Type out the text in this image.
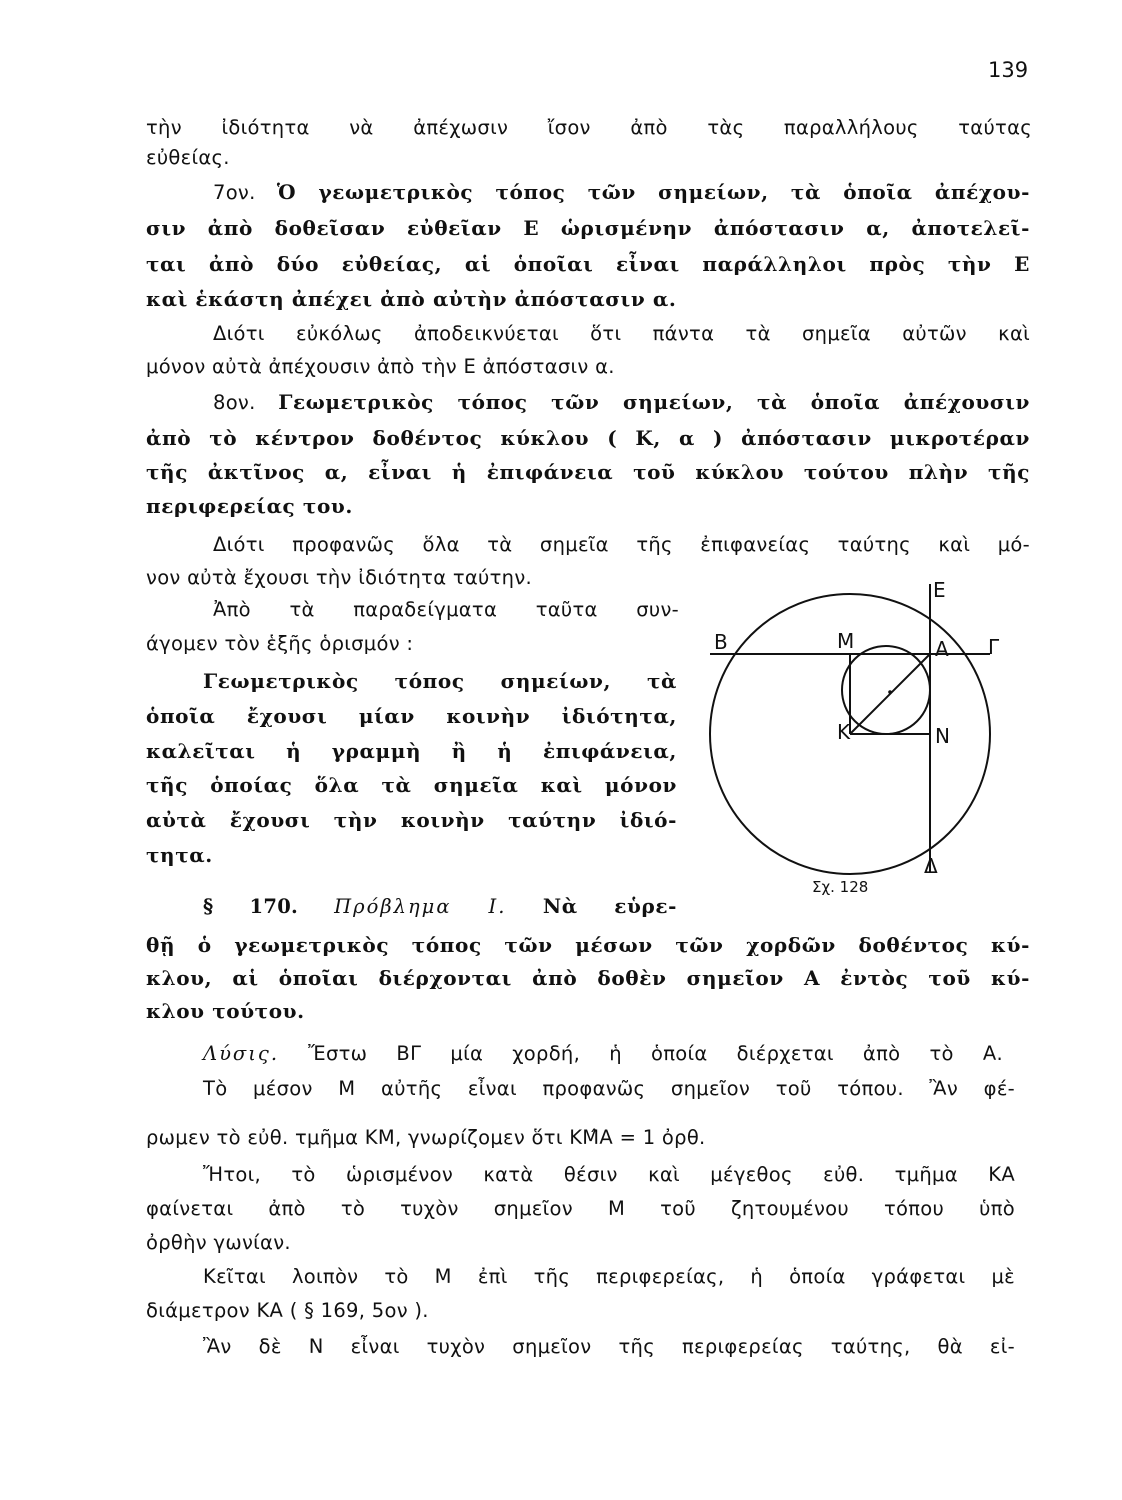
139
τὴν ἰδιότητα νὰ ἀπέχωσιν ἴσον ἀπὸ τὰς παραλλήλους ταύτας
εὐθείας.
7ον. Ὁ γεωμετρικὸς τόπος τῶν σημείων, τὰ ὁποῖα ἀπέχου-
σιν ἀπὸ δοθεῖσαν εὐθεῖαν Ε ὡρισμένην ἀπόστασιν α, ἀποτελεῖ-
ται ἀπὸ δύο εὐθείας, αἱ ὁποῖαι εἶναι παράλληλοι πρὸς τὴν Ε
καὶ ἑκάστη ἀπέχει ἀπὸ αὐτὴν ἀπόστασιν α.
Διότι εὐκόλως ἀποδεικνύεται ὅτι πάντα τὰ σημεῖα αὐτῶν καὶ
μόνον αὐτὰ ἀπέχουσιν ἀπὸ τὴν Ε ἀπόστασιν α.
8ον. Γεωμετρικὸς τόπος τῶν σημείων, τὰ ὁποῖα ἀπέχουσιν
ἀπὸ τὸ κέντρον δοθέντος κύκλου ( Κ, α ) ἀπόστασιν μικροτέραν
τῆς ἀκτῖνος α, εἶναι ἡ ἐπιφάνεια τοῦ κύκλου τούτου πλὴν τῆς
περιφερείας του.
Διότι προφανῶς ὅλα τὰ σημεῖα τῆς ἐπιφανείας ταύτης καὶ μό-
νον αὐτὰ ἔχουσι τὴν ἰδιότητα ταύτην.
Ἀπὸ τὰ παραδείγματα ταῦτα συν-
άγομεν τὸν ἑξῆς ὁρισμόν :
Γεωμετρικὸς τόπος σημείων, τὰ
ὁποῖα ἔχουσι μίαν κοινὴν ἰδιότητα,
καλεῖται ἡ γραμμὴ ἢ ἡ ἐπιφάνεια,
τῆς ὁποίας ὅλα τὰ σημεῖα καὶ μόνον
αὐτὰ ἔχουσι τὴν κοινὴν ταύτην ἰδιό-
τητα.
§ 170. Πρόβλημα Ι. Νὰ εὑρε-
θῇ ὁ γεωμετρικὸς τόπος τῶν μέσων τῶν χορδῶν δοθέντος κύ-
κλου, αἱ ὁποῖαι διέρχονται ἀπὸ δοθὲν σημεῖον Α ἐντὸς τοῦ κύ-
κλου τούτου.
Λύσις. Ἔστω ΒΓ μία χορδή, ἡ ὁποία διέρχεται ἀπὸ τὸ Α.
Τὸ μέσον Μ αὐτῆς εἶναι προφανῶς σημεῖον τοῦ τόπου. Ἂν φέ-
ρωμεν τὸ εὐθ. τμῆμα ΚΜ, γνωρίζομεν ὅτι ΚΜ̂Α = 1 ὀρθ.
Ἤτοι, τὸ ὡρισμένον κατὰ θέσιν καὶ μέγεθος εὐθ. τμῆμα ΚΑ
φαίνεται ἀπὸ τὸ τυχὸν σημεῖον Μ τοῦ ζητουμένου τόπου ὑπὸ
ὀρθὴν γωνίαν.
Κεῖται λοιπὸν τὸ Μ ἐπὶ τῆς περιφερείας, ἡ ὁποία γράφεται μὲ
διάμετρον ΚΑ ( § 169, 5ον ).
Ἂν δὲ Ν εἶναι τυχὸν σημεῖον τῆς περιφερείας ταύτης, θὰ εἰ-
Ε
Β	Μ	Α Γ
Κ	Ν
Δ
Σχ. 128
